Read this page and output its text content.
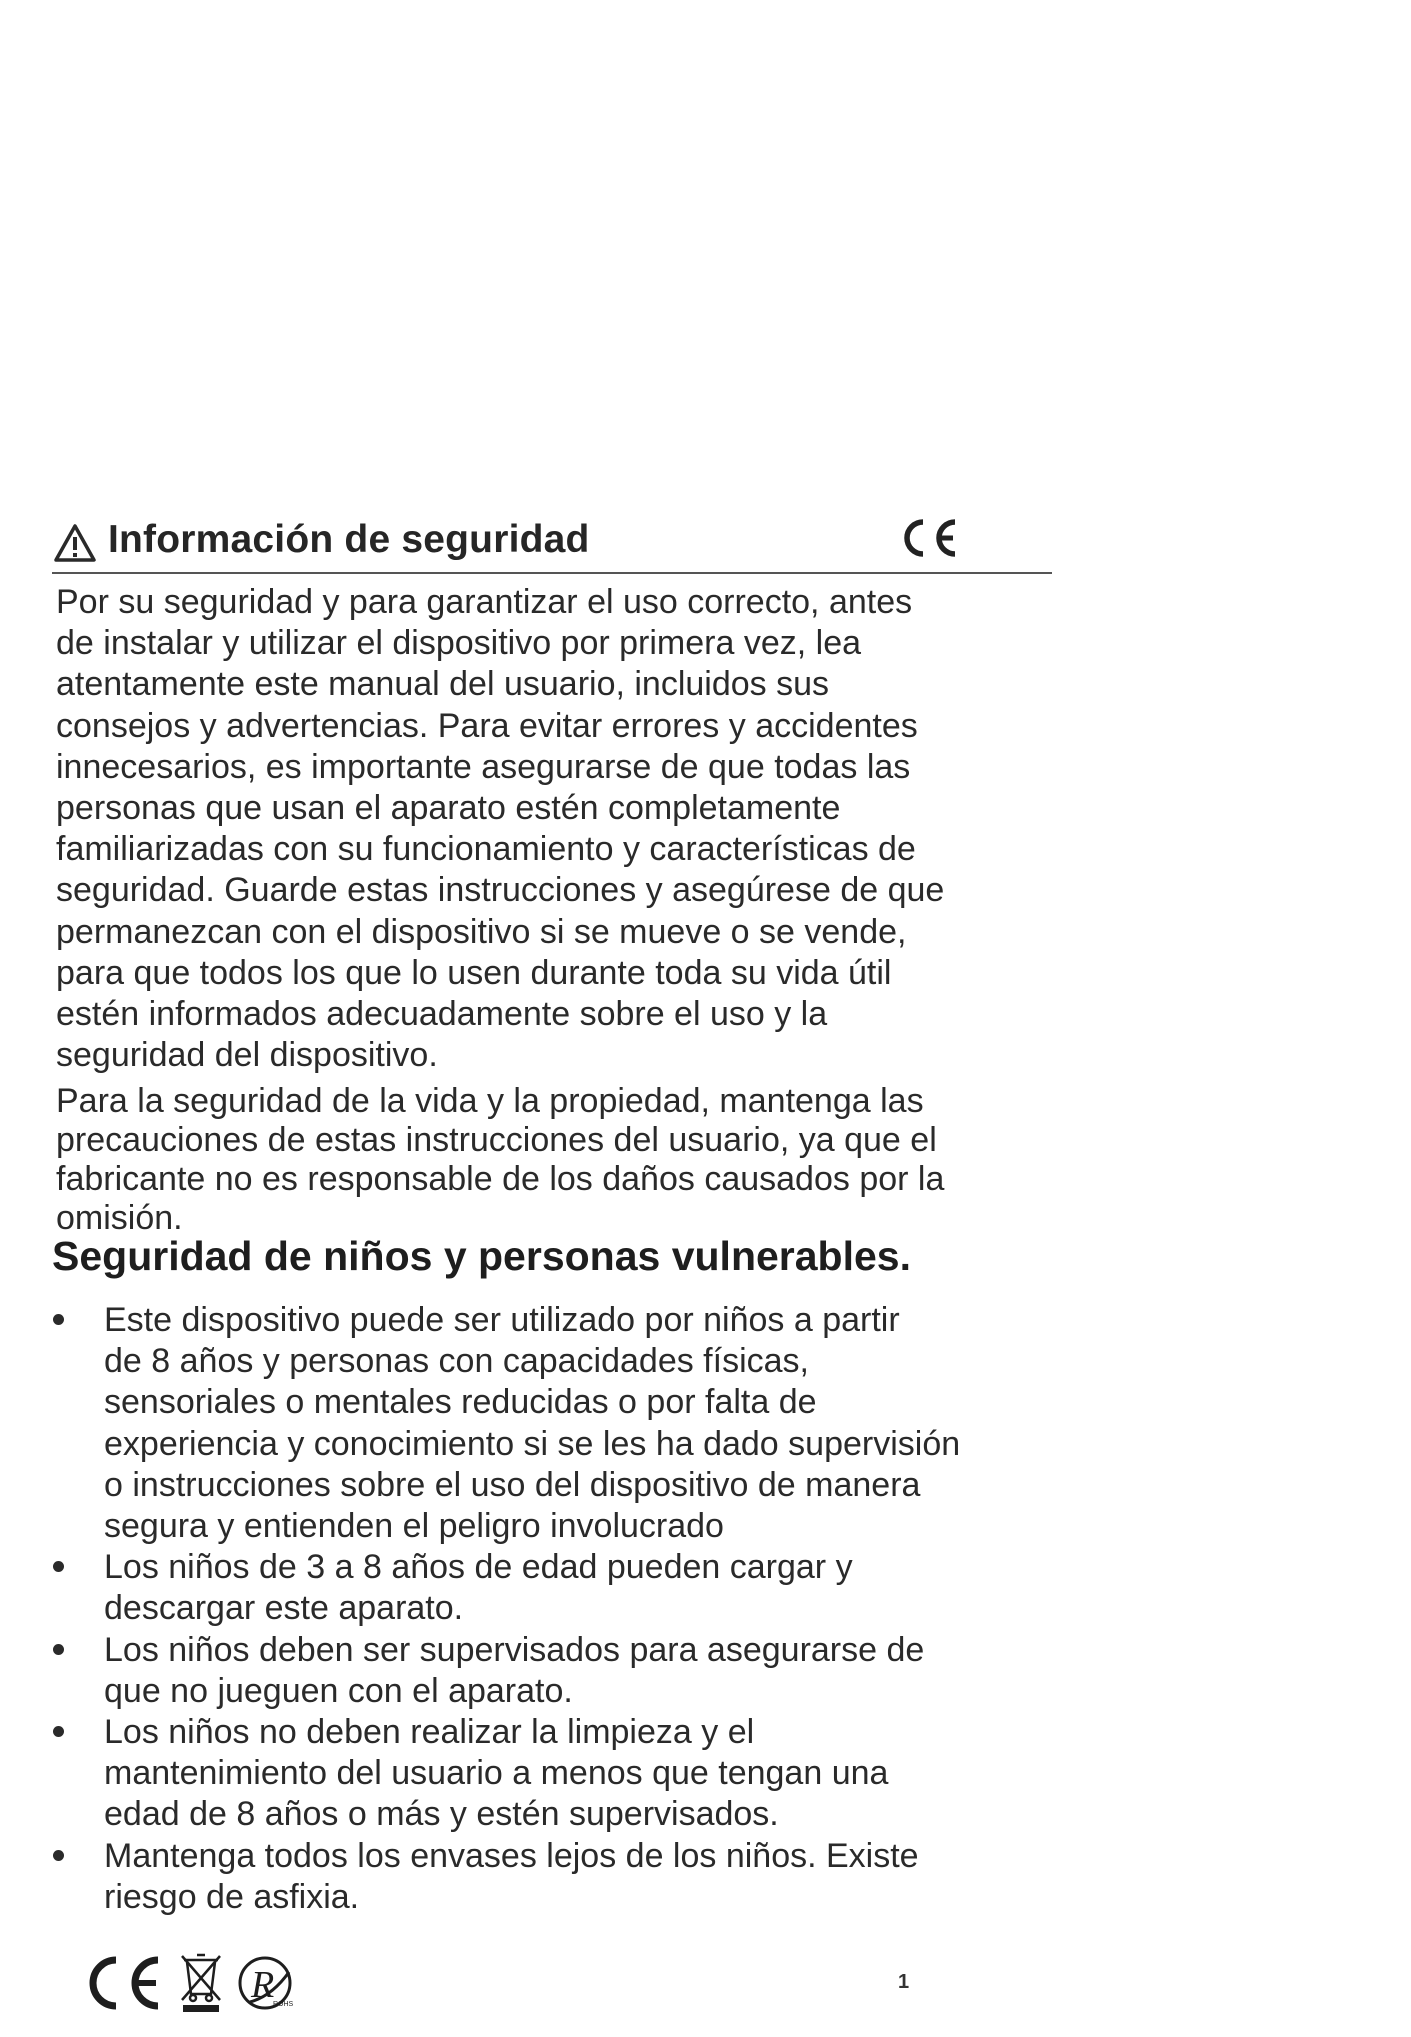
Información de seguridad

Por su seguridad y para garantizar el uso correcto, antes
de instalar y utilizar el dispositivo por primera vez, lea
atentamente este manual del usuario, incluidos sus
consejos y advertencias. Para evitar errores y accidentes
innecesarios, es importante asegurarse de que todas las
personas que usan el aparato estén completamente
familiarizadas con su funcionamiento y características de
seguridad. Guarde estas instrucciones y asegúrese de que
permanezcan con el dispositivo si se mueve o se vende,
para que todos los que lo usen durante toda su vida útil
estén informados adecuadamente sobre el uso y la
seguridad del dispositivo.

Para la seguridad de la vida y la propiedad, mantenga las
precauciones de estas instrucciones del usuario, ya que el
fabricante no es responsable de los daños causados por la
omisión.

Seguridad de niños y personas vulnerables.
Este dispositivo puede ser utilizado por niños a partir
de 8 años y personas con capacidades físicas,
sensoriales o mentales reducidas o por falta de
experiencia y conocimiento si se les ha dado supervisión
o instrucciones sobre el uso del dispositivo de manera
segura y entienden el peligro involucrado
Los niños de 3 a 8 años de edad pueden cargar y
descargar este aparato.
Los niños deben ser supervisados para asegurarse de
que no jueguen con el aparato.
Los niños no deben realizar la limpieza y el
mantenimiento del usuario a menos que tengan una
edad de 8 años o más y estén supervisados.
Mantenga todos los envases lejos de los niños. Existe
riesgo de asfixia.
R
ROHS
1
